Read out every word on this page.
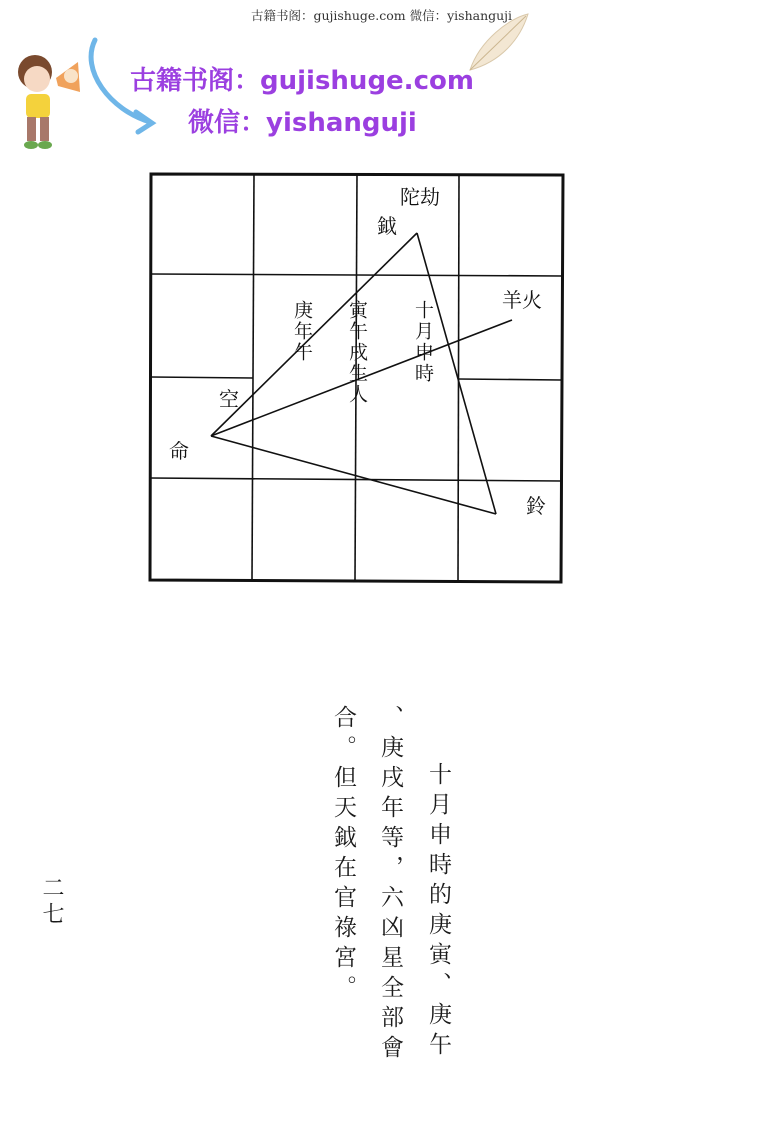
古籍书阁：gujishuge.com 微信：yishanguji
古籍书阁：gujishuge.com
微信：yishanguji
陀劫
鉞
羊火
空
命
鈴
庚年午 寅午戌生人 十月申時
十月申時的庚寅、庚午
、庚戌年等，六凶星全部會
合。但天鉞在官祿宮。
二七
